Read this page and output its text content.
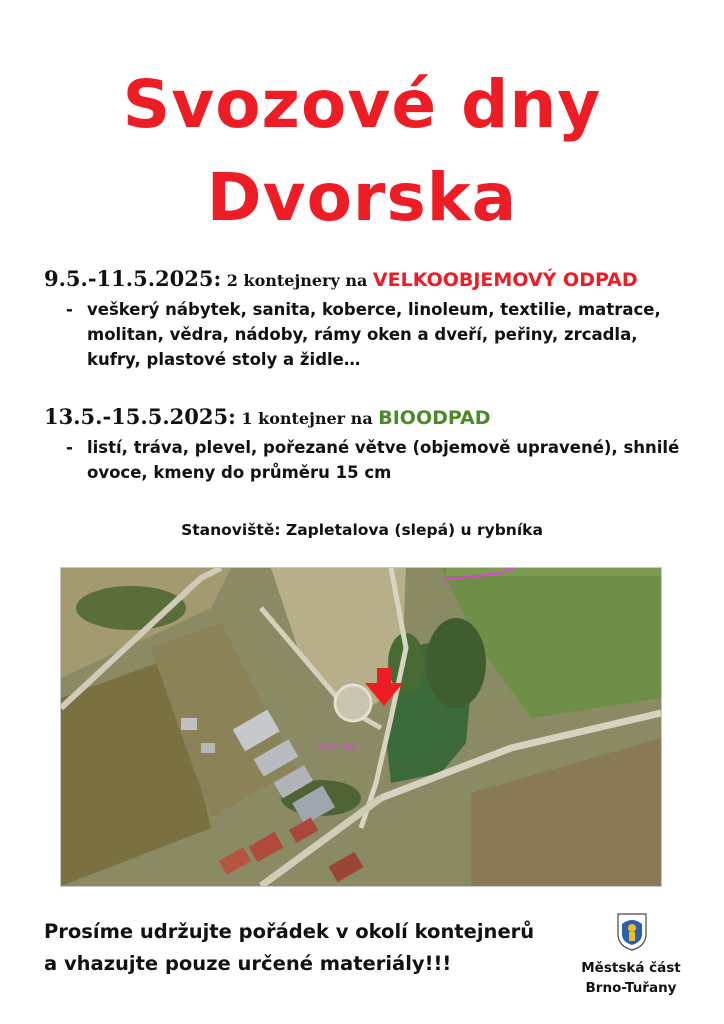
Svozové dny
Dvorska
9.5.-11.5.2025: 2 kontejnery na VELKOOBJEMOVÝ ODPAD
- veškerý nábytek, sanita, koberce, linoleum, textilie, matrace, molitan, vědra, nádoby, rámy oken a dveří, peřiny, zrcadla, kufry, plastové stoly a židle…
13.5.-15.5.2025: 1 kontejner na BIOODPAD
- listí, tráva, plevel, pořezané větve (objemově upravené), shnilé ovoce, kmeny do průměru 15 cm
Stanoviště: Zapletalova (slepá) u rybníka
Dvorska
Prosíme udržujte pořádek v okolí kontejnerů
a vhazujte pouze určené materiály!!!	Městská část
Brno-Tuřany
